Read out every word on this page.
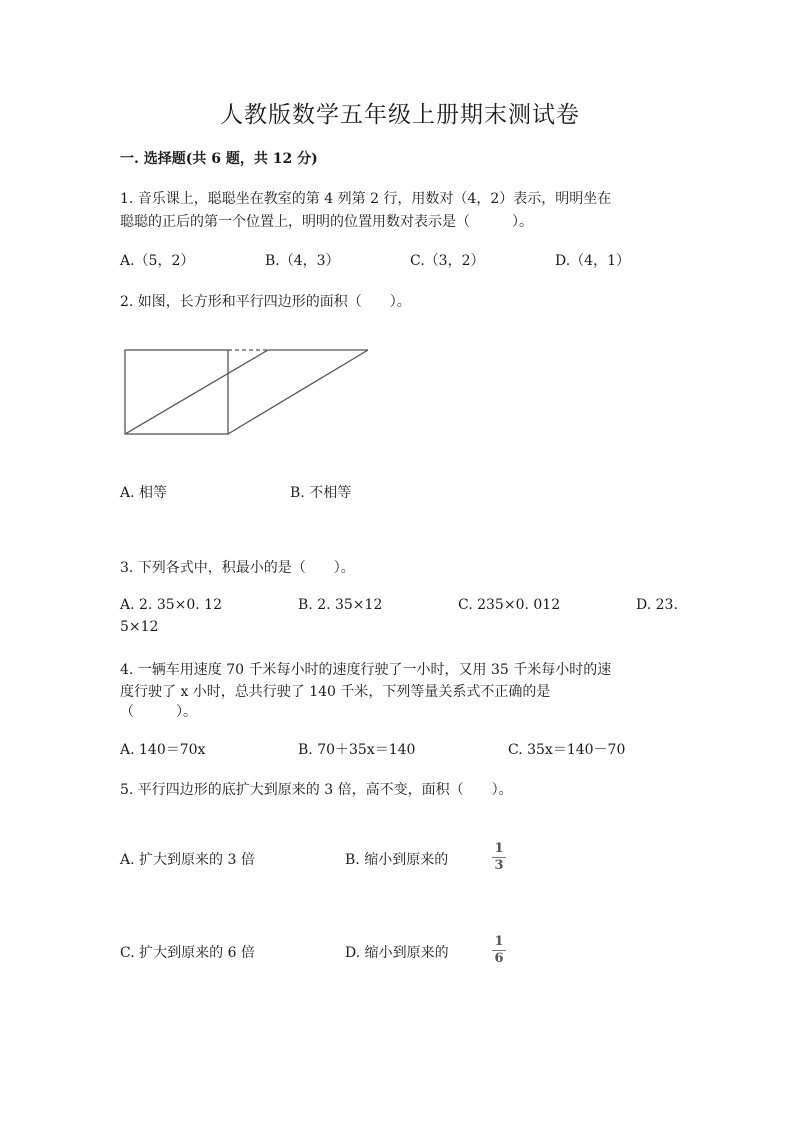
人教版数学五年级上册期末测试卷
一. 选择题(共 6 题，共 12 分)
1. 音乐课上，聪聪坐在教室的第 4 列第 2 行，用数对（4，2）表示，明明坐在
聪聪的正后的第一个位置上，明明的位置用数对表示是（　　　）。
A.（5，2）	B.（4，3）	C.（3，2）	D.（4，1）
2. 如图，长方形和平行四边形的面积（　　）。
A. 相等	B. 不相等
3. 下列各式中，积最小的是（　　）。
A. 2. 35×0. 12	B. 2. 35×12	C. 235×0. 012	D. 23.
5×12
4. 一辆车用速度 70 千米每小时的速度行驶了一小时，又用 35 千米每小时的速
度行驶了 x 小时，总共行驶了 140 千米，下列等量关系式不正确的是
（　　　）。
A. 140＝70x	B. 70＋35x＝140	C. 35x＝140－70
5. 平行四边形的底扩大到原来的 3 倍，高不变，面积（　　）。
A. 扩大到原来的 3 倍	B. 缩小到原来的
1
3
C. 扩大到原来的 6 倍	D. 缩小到原来的
1
6
